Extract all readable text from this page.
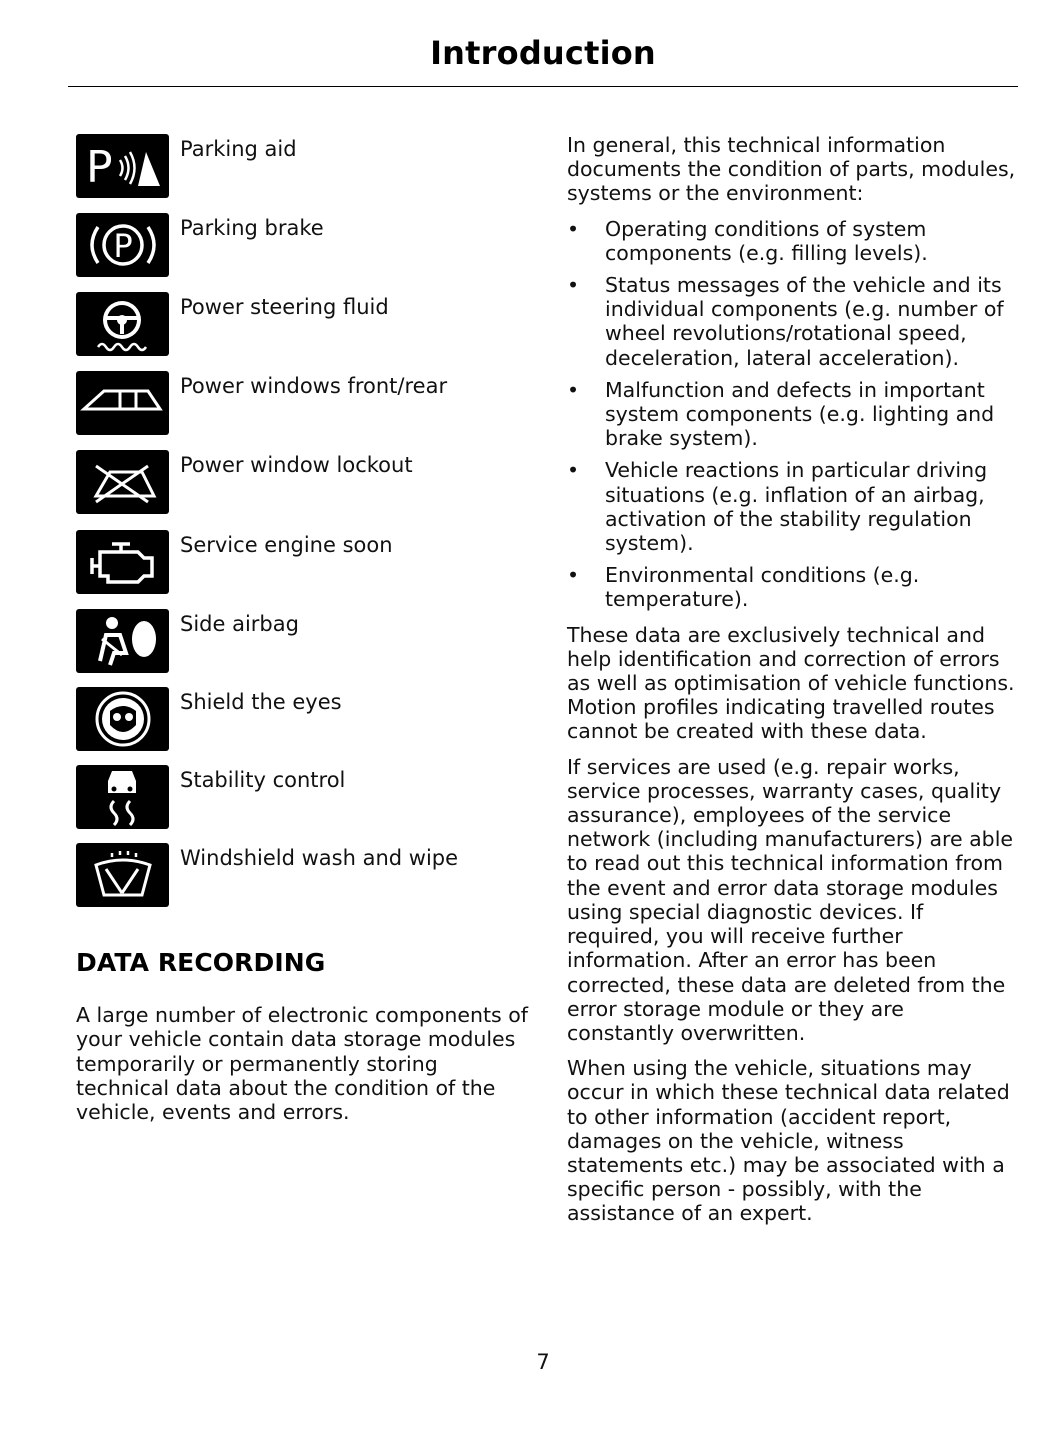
Introduction
P	Parking aid
P Parking brake
Power steering fluid
Power windows front/rear
Power window lockout
Service engine soon
Side airbag
Shield the eyes
Stability control
Windshield wash and wipe
DATA RECORDING
A large number of electronic components of your vehicle contain data storage modules temporarily or permanently storing technical data about the condition of the vehicle, events and errors.

In general, this technical information documents the condition of parts, modules, systems or the environment:

• Operating conditions of system components (e.g. filling levels).
• Status messages of the vehicle and its individual components (e.g. number of wheel revolutions/rotational speed, deceleration, lateral acceleration).
• Malfunction and defects in important system components (e.g. lighting and brake system).
• Vehicle reactions in particular driving situations (e.g. inflation of an airbag, activation of the stability regulation system).
• Environmental conditions (e.g. temperature).

These data are exclusively technical and help identification and correction of errors as well as optimisation of vehicle functions. Motion profiles indicating travelled routes cannot be created with these data.

If services are used (e.g. repair works, service processes, warranty cases, quality assurance), employees of the service network (including manufacturers) are able to read out this technical information from the event and error data storage modules using special diagnostic devices. If required, you will receive further information. After an error has been corrected, these data are deleted from the error storage module or they are constantly overwritten.

When using the vehicle, situations may occur in which these technical data related to other information (accident report, damages on the vehicle, witness statements etc.) may be associated with a specific person - possibly, with the assistance of an expert.

7
